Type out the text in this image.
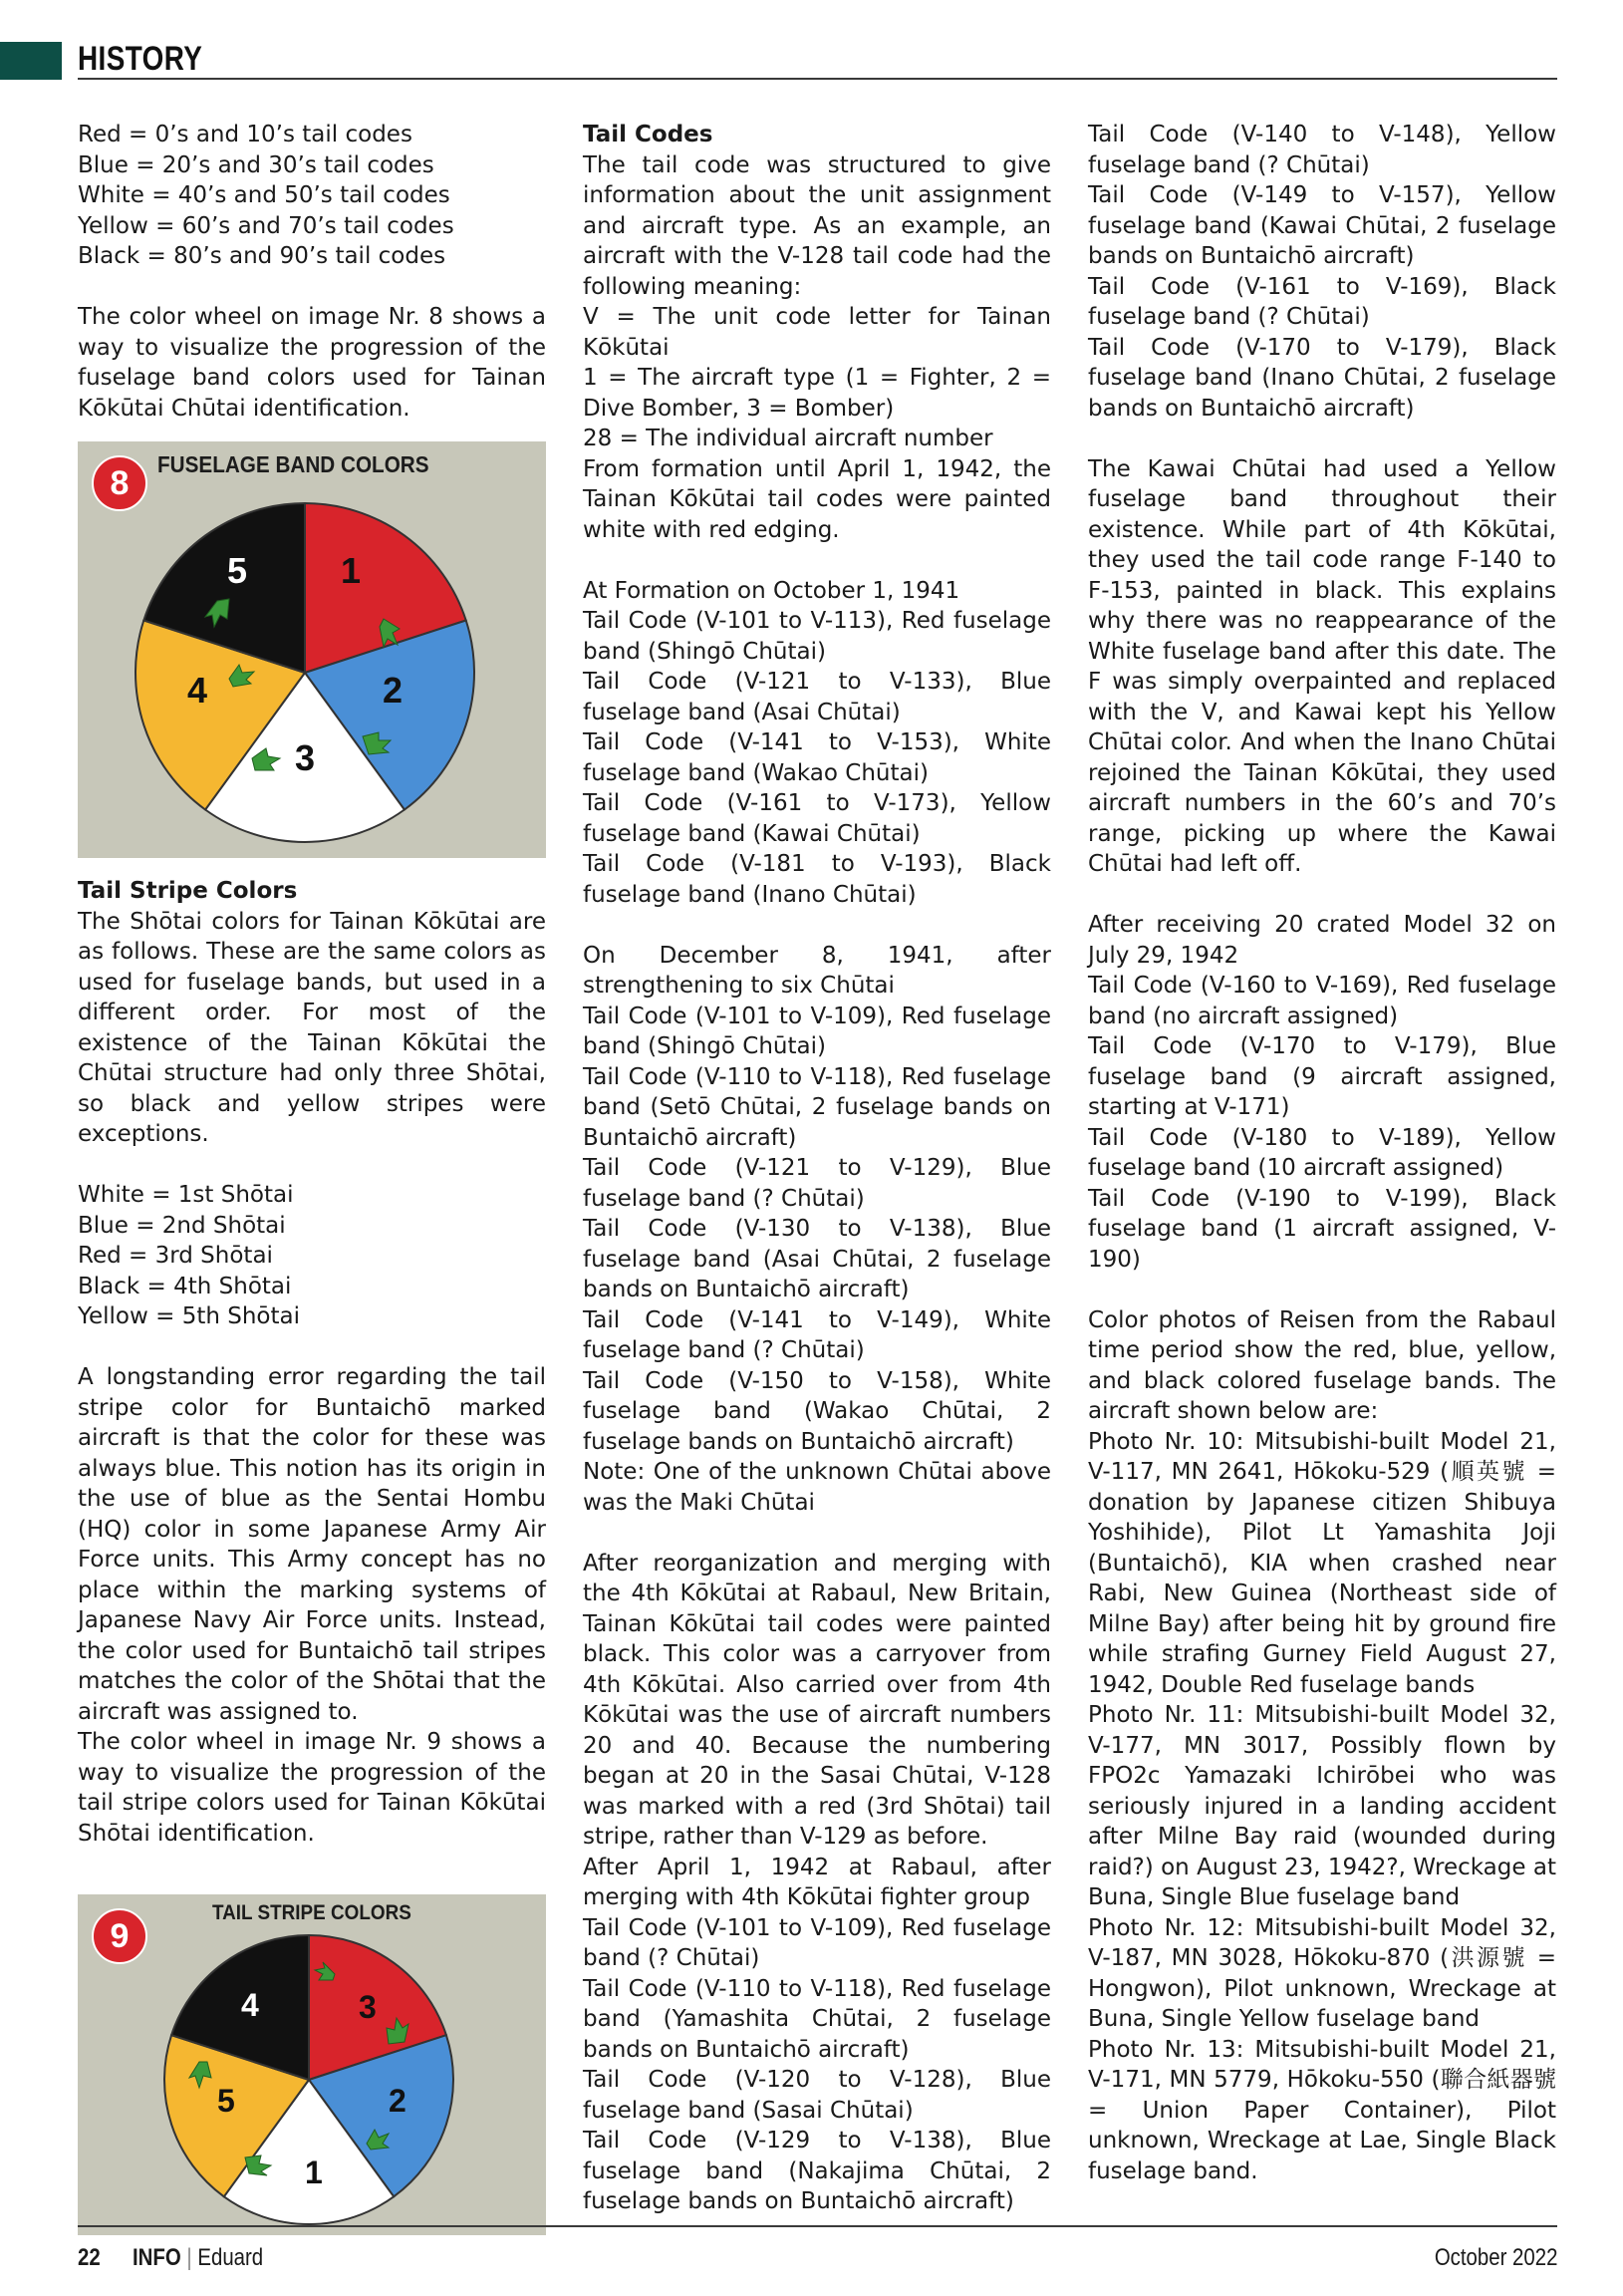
HISTORY
Red = 0’s and 10’s tail codes
Blue = 20’s and 30’s tail codes
White = 40’s and 50’s tail codes
Yellow = 60’s and 70’s tail codes
Black = 80’s and 90’s tail codes

The color wheel on image Nr. 8 shows a way to visualize the progression of the fuselage band colors used for Tainan Kōkūtai Chūtai identification.

8	FUSELAGE BAND COLORS
1
2
3
4
5

Tail Stripe Colors

The Shōtai colors for Tainan Kōkūtai are as follows. These are the same colors as used for fuselage bands, but used in a different order. For most of the existence of the Tainan Kōkūtai the Chūtai structure had only three Shōtai, so black and yellow stripes were exceptions.

White = 1st Shōtai
Blue = 2nd Shōtai
Red = 3rd Shōtai
Black = 4th Shōtai
Yellow = 5th Shōtai

A longstanding error regarding the tail stripe color for Buntaichō marked aircraft is that the color for these was always blue. This notion has its origin in the use of blue as the Sentai Hombu (HQ) color in some Japanese Army Air Force units. This Army concept has no place within the marking systems of Japanese Navy Air Force units. Instead, the color used for Buntaichō tail stripes matches the color of the Shōtai that the aircraft was assigned to.

The color wheel in image Nr. 9 shows a way to visualize the progression of the tail stripe colors used for Tainan Kōkūtai Shōtai identification.

9
TAIL STRIPE COLORS
1
2
3
4
5

Tail Codes

The tail code was structured to give information about the unit assignment and aircraft type. As an example, an aircraft with the V-128 tail code had the following meaning:

V = The unit code letter for Tainan Kōkūtai

1 = The aircraft type (1 = Fighter, 2 = Dive Bomber, 3 = Bomber)

28 = The individual aircraft number

From formation until April 1, 1942, the Tainan Kōkūtai tail codes were painted white with red edging.

At Formation on October 1, 1941

Tail Code (V-101 to V-113), Red fuselage band (Shingō Chūtai)

Tail Code (V-121 to V-133), Blue fuselage band (Asai Chūtai)

Tail Code (V-141 to V-153), White fuselage band (Wakao Chūtai)

Tail Code (V-161 to V-173), Yellow fuselage band (Kawai Chūtai)

Tail Code (V-181 to V-193), Black fuselage band (Inano Chūtai)

On December 8, 1941, after strengthening to six Chūtai

Tail Code (V-101 to V-109), Red fuselage band (Shingō Chūtai)

Tail Code (V-110 to V-118), Red fuselage band (Setō Chūtai, 2 fuselage bands on Buntaichō aircraft)

Tail Code (V-121 to V-129), Blue fuselage band (? Chūtai)

Tail Code (V-130 to V-138), Blue fuselage band (Asai Chūtai, 2 fuselage bands on Buntaichō aircraft)

Tail Code (V-141 to V-149), White fuselage band (? Chūtai)

Tail Code (V-150 to V-158), White fuselage band (Wakao Chūtai, 2 fuselage bands on Buntaichō aircraft)

Note: One of the unknown Chūtai above was the Maki Chūtai

After reorganization and merging with the 4th Kōkūtai at Rabaul, New Britain, Tainan Kōkūtai tail codes were painted black. This color was a carryover from 4th Kōkūtai. Also carried over from 4th Kōkūtai was the use of aircraft numbers 20 and 40. Because the numbering began at 20 in the Sasai Chūtai, V-128 was marked with a red (3rd Shōtai) tail stripe, rather than V-129 as before.

After April 1, 1942 at Rabaul, after merging with 4th Kōkūtai fighter group

Tail Code (V-101 to V-109), Red fuselage band (? Chūtai)

Tail Code (V-110 to V-118), Red fuselage band (Yamashita Chūtai, 2 fuselage bands on Buntaichō aircraft)

Tail Code (V-120 to V-128), Blue fuselage band (Sasai Chūtai)

Tail Code (V-129 to V-138), Blue fuselage band (Nakajima Chūtai, 2 fuselage bands on Buntaichō aircraft)

Tail Code (V-140 to V-148), Yellow fuselage band (? Chūtai)

Tail Code (V-149 to V-157), Yellow fuselage band (Kawai Chūtai, 2 fuselage bands on Buntaichō aircraft)

Tail Code (V-161 to V-169), Black fuselage band (? Chūtai)

Tail Code (V-170 to V-179), Black fuselage band (Inano Chūtai, 2 fuselage bands on Buntaichō aircraft)

The Kawai Chūtai had used a Yellow fuselage band throughout their existence. While part of 4th Kōkūtai, they used the tail code range F-140 to F-153, painted in black. This explains why there was no reappearance of the White fuselage band after this date. The F was simply overpainted and replaced with the V, and Kawai kept his Yellow Chūtai color. And when the Inano Chūtai rejoined the Tainan Kōkūtai, they used aircraft numbers in the 60’s and 70’s range, picking up where the Kawai Chūtai had left off.

After receiving 20 crated Model 32 on July 29, 1942

Tail Code (V-160 to V-169), Red fuselage band (no aircraft assigned)

Tail Code (V-170 to V-179), Blue fuselage band (9 aircraft assigned, starting at V-171)

Tail Code (V-180 to V-189), Yellow fuselage band (10 aircraft assigned)

Tail Code (V-190 to V-199), Black fuselage band (1 aircraft assigned, V-190)

Color photos of Reisen from the Rabaul time period show the red, blue, yellow, and black colored fuselage bands. The aircraft shown below are:

Photo Nr. 10: Mitsubishi-built Model 21, V-117, MN 2641, Hōkoku-529 (順英號 = donation by Japanese citizen Shibuya Yoshihide), Pilot Lt Yamashita Joji (Buntaichō), KIA when crashed near Rabi, New Guinea (Northeast side of Milne Bay) after being hit by ground fire while strafing Gurney Field August 27, 1942, Double Red fuselage bands

Photo Nr. 11: Mitsubishi-built Model 32, V-177, MN 3017, Possibly flown by FPO2c Yamazaki Ichirōbei who was seriously injured in a landing accident after Milne Bay raid (wounded during raid?) on August 23, 1942?, Wreckage at Buna, Single Blue fuselage band

Photo Nr. 12: Mitsubishi-built Model 32, V-187, MN 3028, Hōkoku-870 (洪源號 = Hongwon), Pilot unknown, Wreckage at Buna, Single Yellow fuselage band

Photo Nr. 13: Mitsubishi-built Model 21, V-171, MN 5779, Hōkoku-550 (聯合紙器號 = Union Paper Container), Pilot unknown, Wreckage at Lae, Single Black fuselage band.

22 INFO | Eduard	October 2022
